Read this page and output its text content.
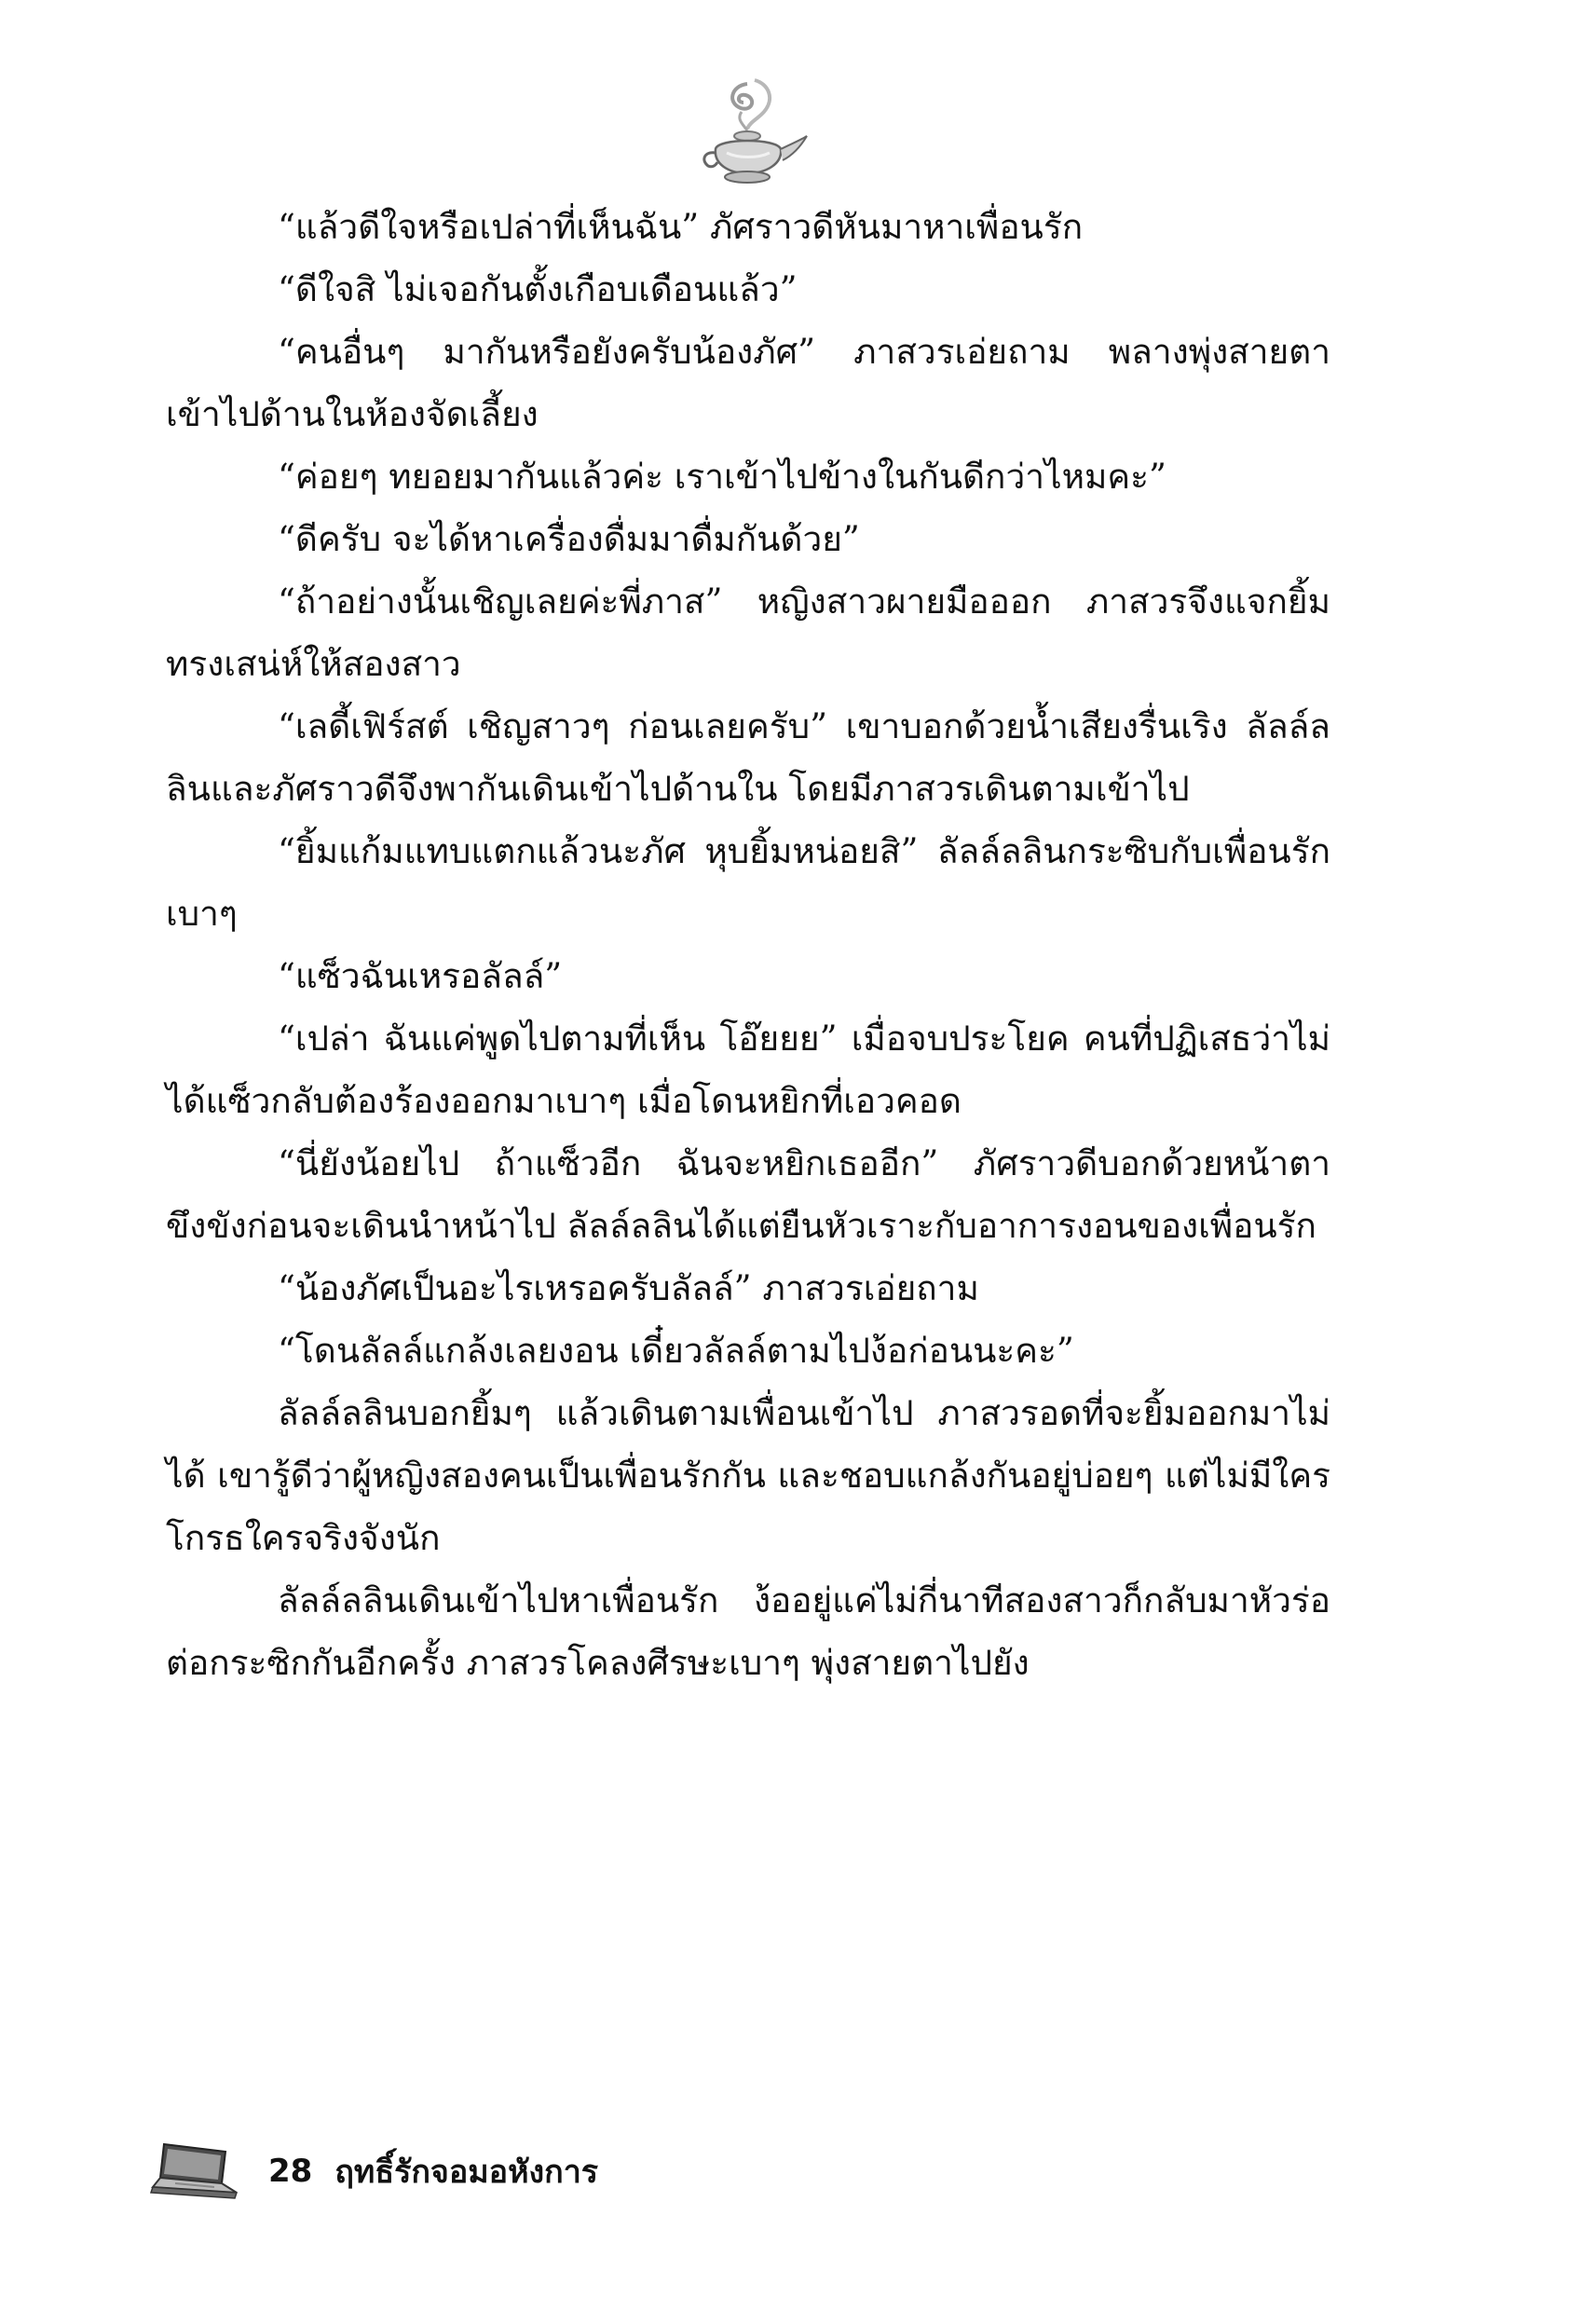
“แล้วดีใจหรือเปล่าที่เห็นฉัน” ภัศราวดีหันมาหาเพื่อนรัก

“ดีใจสิ ไม่เจอกันตั้งเกือบเดือนแล้ว”

“คนอื่นๆ มากันหรือยังครับน้องภัศ” ภาสวรเอ่ยถาม พลางพุ่งสายตาเข้าไปด้านในห้องจัดเลี้ยง

“ค่อยๆ ทยอยมากันแล้วค่ะ เราเข้าไปข้างในกันดีกว่าไหมคะ”

“ดีครับ จะได้หาเครื่องดื่มมาดื่มกันด้วย”

“ถ้าอย่างนั้นเชิญเลยค่ะพี่ภาส” หญิงสาวผายมือออก ภาสวรจึงแจกยิ้มทรงเสน่ห์ให้สองสาว

“เลดี้เฟิร์สต์ เชิญสาวๆ ก่อนเลยครับ” เขาบอกด้วยน้ำเสียงรื่นเริง ลัลล์ลลินและภัศราวดีจึงพากันเดินเข้าไปด้านใน โดยมีภาสวรเดินตามเข้าไป

“ยิ้มแก้มแทบแตกแล้วนะภัศ หุบยิ้มหน่อยสิ” ลัลล์ลลินกระซิบกับเพื่อนรักเบาๆ

“แซ็วฉันเหรอลัลล์”

“เปล่า ฉันแค่พูดไปตามที่เห็น โอ๊ยยย” เมื่อจบประโยค คนที่ปฏิเสธว่าไม่ได้แซ็วกลับต้องร้องออกมาเบาๆ เมื่อโดนหยิกที่เอวคอด

“นี่ยังน้อยไป ถ้าแซ็วอีก ฉันจะหยิกเธออีก” ภัศราวดีบอกด้วยหน้าตาขึงขังก่อนจะเดินนำหน้าไป ลัลล์ลลินได้แต่ยืนหัวเราะกับอาการงอนของเพื่อนรัก

“น้องภัศเป็นอะไรเหรอครับลัลล์” ภาสวรเอ่ยถาม

“โดนลัลล์แกล้งเลยงอน เดี๋ยวลัลล์ตามไปง้อก่อนนะคะ”

ลัลล์ลลินบอกยิ้มๆ แล้วเดินตามเพื่อนเข้าไป ภาสวรอดที่จะยิ้มออกมาไม่ได้ เขารู้ดีว่าผู้หญิงสองคนเป็นเพื่อนรักกัน และชอบแกล้งกันอยู่บ่อยๆ แต่ไม่มีใครโกรธใครจริงจังนัก

ลัลล์ลลินเดินเข้าไปหาเพื่อนรัก ง้ออยู่แค่ไม่กี่นาทีสองสาวก็กลับมาหัวร่อต่อกระซิกกันอีกครั้ง ภาสวรโคลงศีรษะเบาๆ พุ่งสายตาไปยัง

28 ฤทธิ์รักจอมอหังการ
